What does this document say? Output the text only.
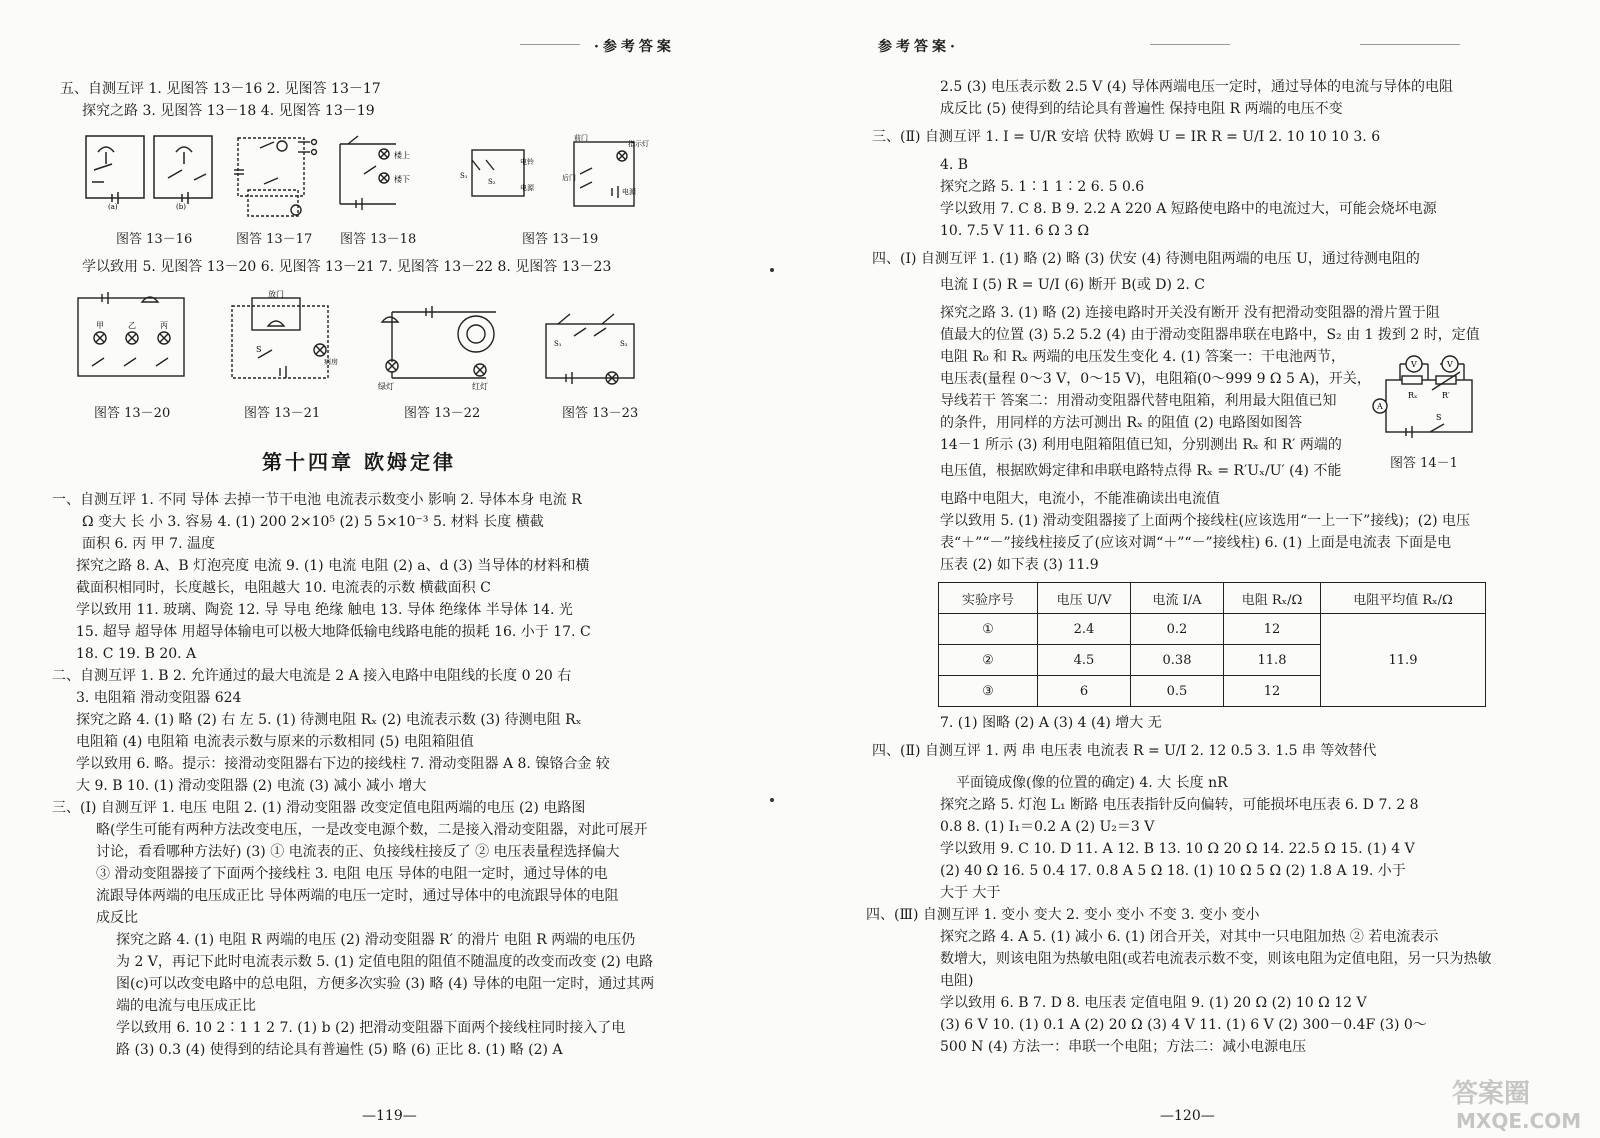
·参考答案
五、自测互评 1. 见图答 13－16 2. 见图答 13－17
探究之路 3. 见图答 13－18 4. 见图答 13－19
(a)	(b)
楼上
楼下
电铃
电源
S₁
S₂
前门
指示灯
后门
电源
图答 13－16	图答 13－17 图答 13－18	图答 13－19
学以致用 5. 见图答 13－20 6. 见图答 13－21 7. 见图答 13－22 8. 见图答 13－23
甲	乙	丙
放门
S
病房
绿灯	红灯
S₁	S₂
图答 13－20	图答 13－21	图答 13－22	图答 13－23
第十四章 欧姆定律
一、自测互评 1. 不同 导体 去掉一节干电池 电流表示数变小 影响 2. 导体本身 电流 R
Ω 变大 长 小 3. 容易 4. (1) 200 2×10⁵ (2) 5 5×10⁻³ 5. 材料 长度 横截
面积 6. 丙 甲 7. 温度
探究之路 8. A、B 灯泡亮度 电流 9. (1) 电流 电阻 (2) a、d (3) 当导体的材料和横
截面积相同时，长度越长，电阻越大 10. 电流表的示数 横截面积 C
学以致用 11. 玻璃、陶瓷 12. 导 导电 绝缘 触电 13. 导体 绝缘体 半导体 14. 光
15. 超导 超导体 用超导体输电可以极大地降低输电线路电能的损耗 16. 小于 17. C
18. C 19. B 20. A
二、自测互评 1. B 2. 允许通过的最大电流是 2 A 接入电路中电阻线的长度 0 20 右
3. 电阻箱 滑动变阻器 624
探究之路 4. (1) 略 (2) 右 左 5. (1) 待测电阻 Rₓ (2) 电流表示数 (3) 待测电阻 Rₓ
电阻箱 (4) 电阻箱 电流表示数与原来的示数相同 (5) 电阻箱阻值
学以致用 6. 略。提示：接滑动变阻器右下边的接线柱 7. 滑动变阻器 A 8. 镍铬合金 较
大 9. B 10. (1) 滑动变阻器 (2) 电流 (3) 减小 减小 增大
三、(Ⅰ) 自测互评 1. 电压 电阻 2. (1) 滑动变阻器 改变定值电阻两端的电压 (2) 电路图
略(学生可能有两种方法改变电压，一是改变电源个数，二是接入滑动变阻器，对此可展开
讨论，看看哪种方法好) (3) ① 电流表的正、负接线柱接反了 ② 电压表量程选择偏大
③ 滑动变阻器接了下面两个接线柱 3. 电阻 电压 导体的电阻一定时，通过导体的电
流跟导体两端的电压成正比 导体两端的电压一定时，通过导体中的电流跟导体的电阻
成反比
探究之路 4. (1) 电阻 R 两端的电压 (2) 滑动变阻器 R′ 的滑片 电阻 R 两端的电压仍
为 2 V，再记下此时电流表示数 5. (1) 定值电阻的阻值不随温度的改变而改变 (2) 电路
图(c)可以改变电路中的总电阻，方便多次实验 (3) 略 (4) 导体的电阻一定时，通过其两
端的电流与电压成正比
学以致用 6. 10 2∶1 1 2 7. (1) b (2) 把滑动变阻器下面两个接线柱同时接入了电
路 (3) 0.3 (4) 使得到的结论具有普遍性 (5) 略 (6) 正比 8. (1) 略 (2) A
—119—
参考答案·
2.5 (3) 电压表示数 2.5 V (4) 导体两端电压一定时，通过导体的电流与导体的电阻
成反比 (5) 使得到的结论具有普遍性 保持电阻 R 两端的电压不变
三、(Ⅱ) 自测互评 1. I = U/R 安培 伏特 欧姆 U = IR R = U/I 2. 10 10 10 3. 6
4. B
探究之路 5. 1∶1 1∶2 6. 5 0.6
学以致用 7. C 8. B 9. 2.2 A 220 A 短路使电路中的电流过大，可能会烧坏电源
10. 7.5 V 11. 6 Ω 3 Ω
四、(Ⅰ) 自测互评 1. (1) 略 (2) 略 (3) 伏安 (4) 待测电阻两端的电压 U，通过待测电阻的
电流 I (5) R = U/I (6) 断开 B(或 D) 2. C
探究之路 3. (1) 略 (2) 连接电路时开关没有断开 没有把滑动变阻器的滑片置于阻
值最大的位置 (3) 5.2 5.2 (4) 由于滑动变阻器串联在电路中，S₂ 由 1 拨到 2 时，定值
电阻 R₀ 和 Rₓ 两端的电压发生变化 4. (1) 答案一：干电池两节，
电压表(量程 0～3 V，0～15 V)，电阻箱(0～999 9 Ω 5 A)，开关，
导线若干 答案二：用滑动变阻器代替电阻箱，利用最大阻值已知
的条件，用同样的方法可测出 Rₓ 的阻值 (2) 电路图如图答
14－1 所示 (3) 利用电阻箱阻值已知，分别测出 Rₓ 和 R′ 两端的
电压值，根据欧姆定律和串联电路特点得 Rₓ = R′Uₓ/U′ (4) 不能
电路中电阻大，电流小，不能准确读出电流值
学以致用 5. (1) 滑动变阻器接了上面两个接线柱(应该选用“一上一下”接线)；(2) 电压
表“＋”“－”接线柱接反了(应该对调“＋”“－”接线柱) 6. (1) 上面是电流表 下面是电
压表 (2) 如下表 (3) 11.9
V	V
A
Rₓ	R′
S
图答 14－1
实验序号	电压 U/V	电流 I/A	电阻 Rₓ/Ω	电阻平均值 Rₓ/Ω
①	2.4	0.2	12	11.9
②	4.5	0.38	11.8	
③	6	0.5	12	
7. (1) 图略 (2) A (3) 4 (4) 增大 无
四、(Ⅱ) 自测互评 1. 两 串 电压表 电流表 R = U/I 2. 12 0.5 3. 1.5 串 等效替代
平面镜成像(像的位置的确定) 4. 大 长度 nR
探究之路 5. 灯泡 L₁ 断路 电压表指针反向偏转，可能损坏电压表 6. D 7. 2 8
0.8 8. (1) I₁＝0.2 A (2) U₂＝3 V
学以致用 9. C 10. D 11. A 12. B 13. 10 Ω 20 Ω 14. 22.5 Ω 15. (1) 4 V
(2) 40 Ω 16. 5 0.4 17. 0.8 A 5 Ω 18. (1) 10 Ω 5 Ω (2) 1.8 A 19. 小于
大于 大于
四、(Ⅲ) 自测互评 1. 变小 变大 2. 变小 变小 不变 3. 变小 变小
探究之路 4. A 5. (1) 减小 6. (1) 闭合开关，对其中一只电阻加热 ② 若电流表示
数增大，则该电阻为热敏电阻(或若电流表示数不变，则该电阻为定值电阻，另一只为热敏
电阻)
学以致用 6. B 7. D 8. 电压表 定值电阻 9. (1) 20 Ω (2) 10 Ω 12 V
(3) 6 V 10. (1) 0.1 A (2) 20 Ω (3) 4 V 11. (1) 6 V (2) 300－0.4F (3) 0～
500 N (4) 方法一：串联一个电阻；方法二：减小电源电压
—120—
答案圈
MXQE.COM
